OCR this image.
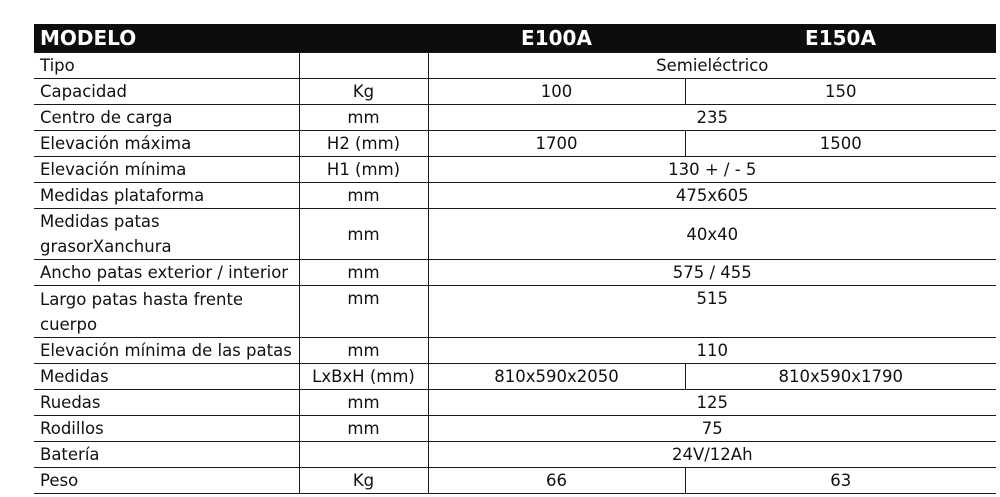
MODELO		E100A	E150A
Tipo		Semieléctrico	
Capacidad	Kg	100	150
Centro de carga	mm	235	
Elevación máxima	H2 (mm)	1700	1500
Elevación mínima	H1 (mm)	130 + / - 5	
Medidas plataforma	mm	475x605	
Medidas patas grasorXanchura	mm	40x40	
Ancho patas exterior / interior	mm	575 / 455	
Largo patas hasta frente cuerpo	mm	515	
Elevación mínima de las patas	mm	110	
Medidas	LxBxH (mm)	810x590x2050	810x590x1790
Ruedas	mm	125	
Rodillos	mm	75	
Batería		24V/12Ah	
Peso	Kg	66	63
